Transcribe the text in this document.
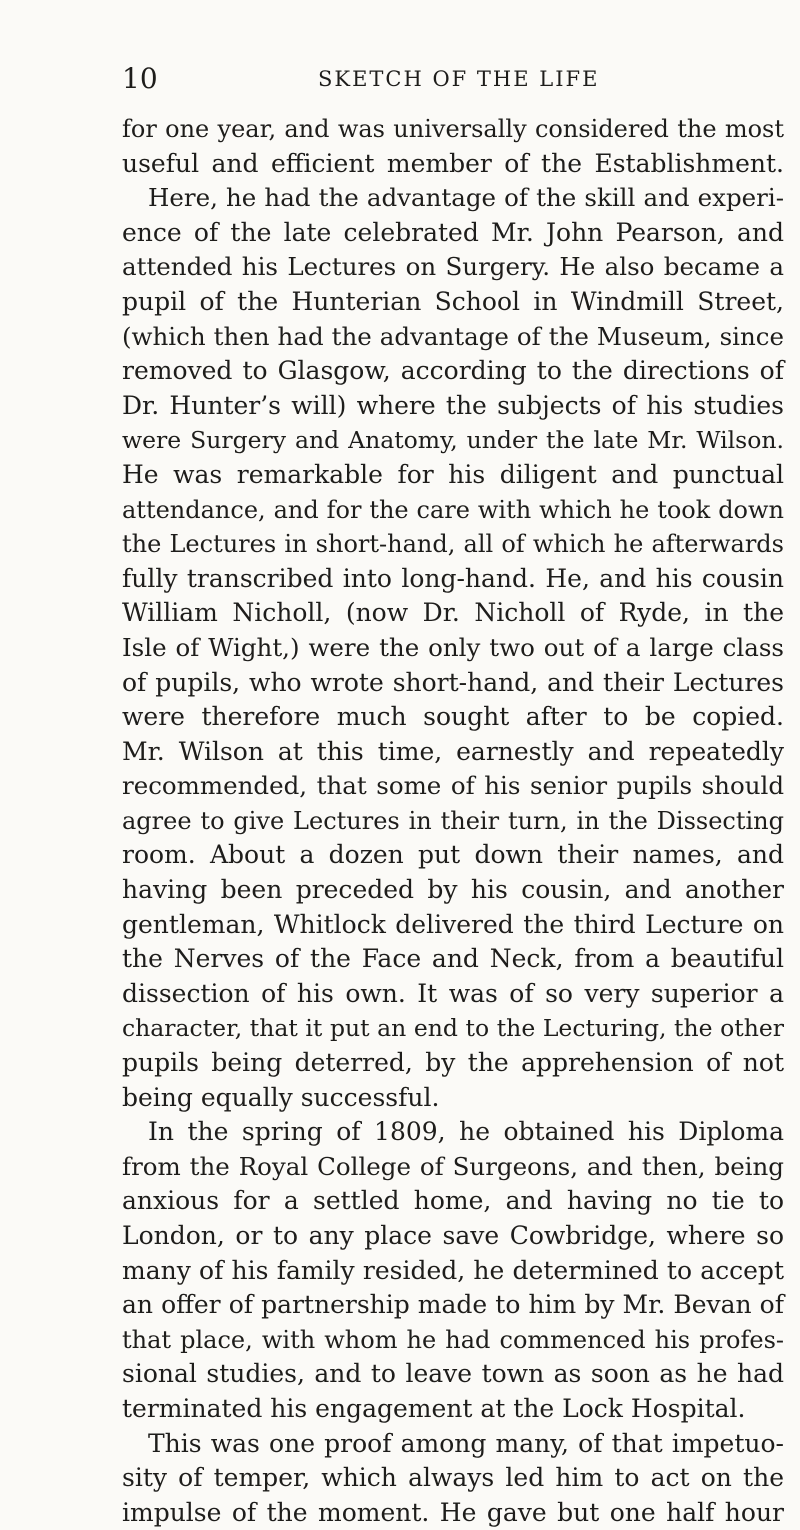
10	SKETCH OF THE LIFE
for one year, and was universally considered the most
useful and efficient member of the Establishment.
Here, he had the advantage of the skill and experi-
ence of the late celebrated Mr. John Pearson, and
attended his Lectures on Surgery. He also became a
pupil of the Hunterian School in Windmill Street,
(which then had the advantage of the Museum, since
removed to Glasgow, according to the directions of
Dr. Hunter’s will) where the subjects of his studies
were Surgery and Anatomy, under the late Mr. Wilson.
He was remarkable for his diligent and punctual
attendance, and for the care with which he took down
the Lectures in short-hand, all of which he afterwards
fully transcribed into long-hand. He, and his cousin
William Nicholl, (now Dr. Nicholl of Ryde, in the
Isle of Wight,) were the only two out of a large class
of pupils, who wrote short-hand, and their Lectures
were therefore much sought after to be copied.
Mr. Wilson at this time, earnestly and repeatedly
recommended, that some of his senior pupils should
agree to give Lectures in their turn, in the Dissecting
room. About a dozen put down their names, and
having been preceded by his cousin, and another
gentleman, Whitlock delivered the third Lecture on
the Nerves of the Face and Neck, from a beautiful
dissection of his own. It was of so very superior a
character, that it put an end to the Lecturing, the other
pupils being deterred, by the apprehension of not
being equally successful.
In the spring of 1809, he obtained his Diploma
from the Royal College of Surgeons, and then, being
anxious for a settled home, and having no tie to
London, or to any place save Cowbridge, where so
many of his family resided, he determined to accept
an offer of partnership made to him by Mr. Bevan of
that place, with whom he had commenced his profes-
sional studies, and to leave town as soon as he had
terminated his engagement at the Lock Hospital.
This was one proof among many, of that impetuo-
sity of temper, which always led him to act on the
impulse of the moment. He gave but one half hour
